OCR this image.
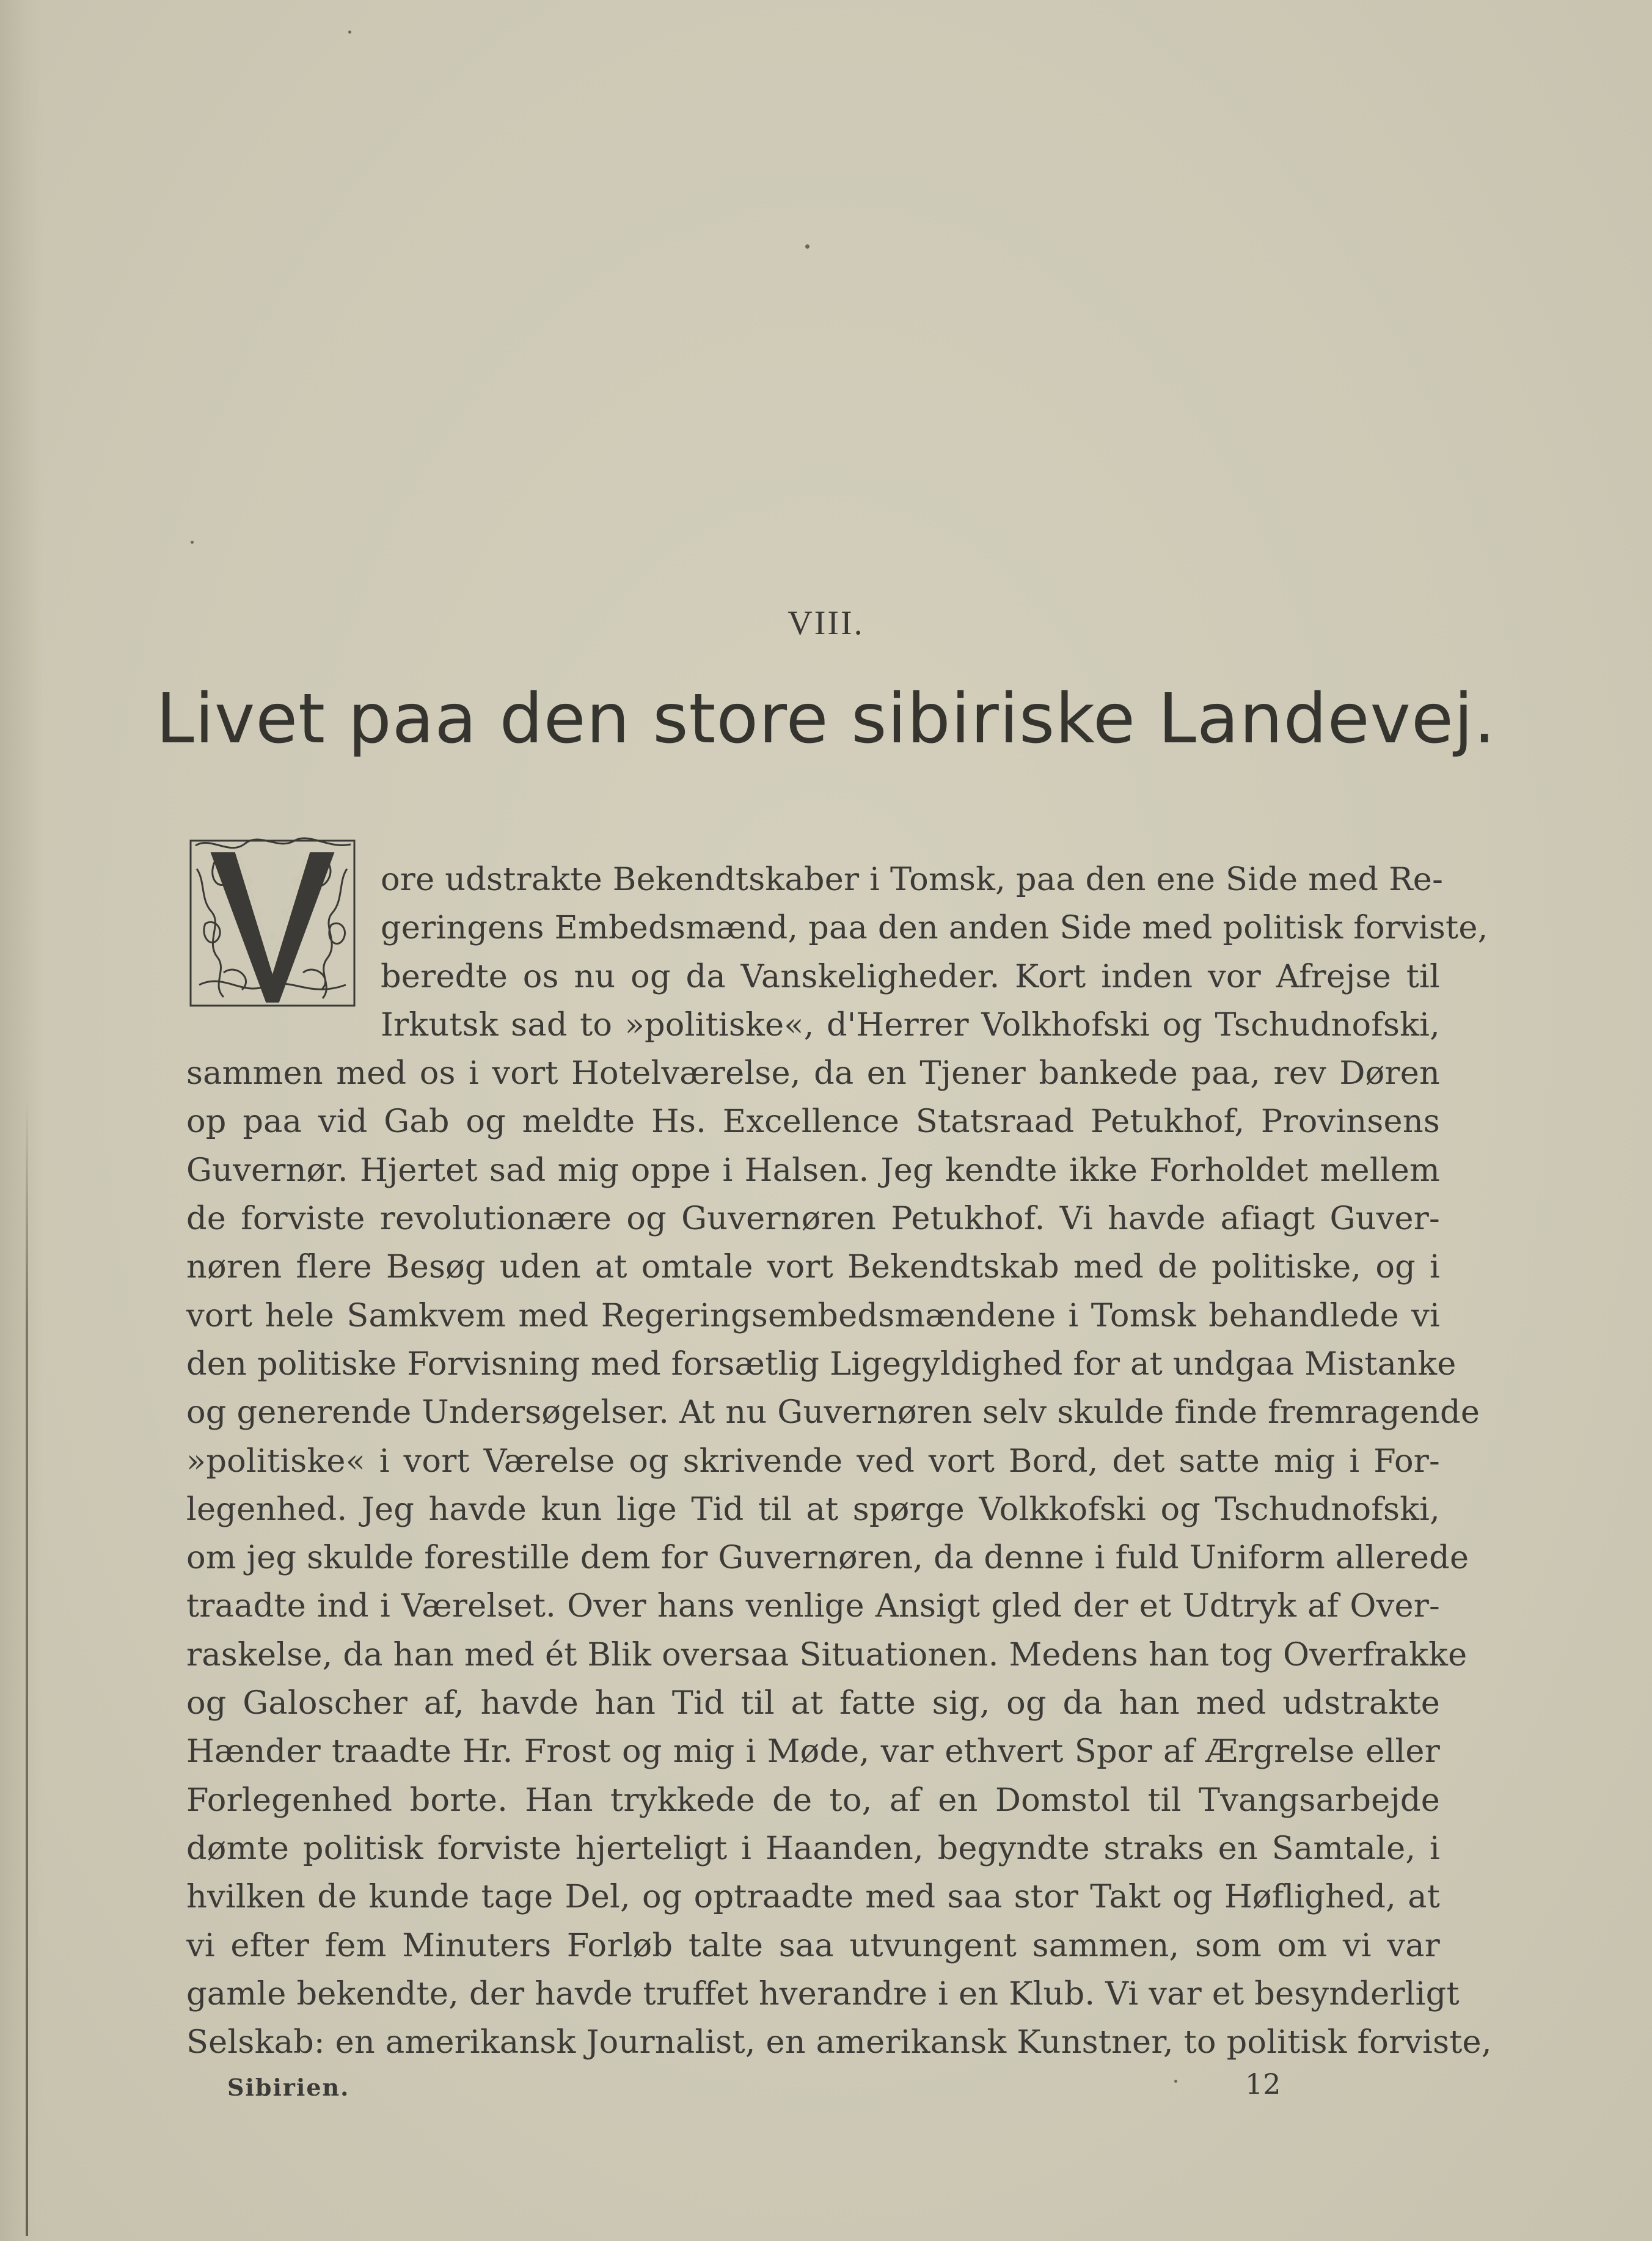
VIII.
Livet paa den store sibiriske Landevej.
ore udstrakte Bekendtskaber i Tomsk, paa den ene Side med Re-
geringens Embedsmænd, paa den anden Side med politisk forviste,
beredte os nu og da Vanskeligheder. Kort inden vor Afrejse til
Irkutsk sad to »politiske«, d'Herrer Volkhofski og Tschudnofski,
sammen med os i vort Hotelværelse, da en Tjener bankede paa, rev Døren
op paa vid Gab og meldte Hs. Excellence Statsraad Petukhof, Provinsens
Guvernør. Hjertet sad mig oppe i Halsen. Jeg kendte ikke Forholdet mellem
de forviste revolutionære og Guvernøren Petukhof. Vi havde afiagt Guver-
nøren flere Besøg uden at omtale vort Bekendtskab med de politiske, og i
vort hele Samkvem med Regeringsembedsmændene i Tomsk behandlede vi
den politiske Forvisning med forsætlig Ligegyldighed for at undgaa Mistanke
og generende Undersøgelser. At nu Guvernøren selv skulde finde fremragende
»politiske« i vort Værelse og skrivende ved vort Bord, det satte mig i For-
legenhed. Jeg havde kun lige Tid til at spørge Volkkofski og Tschudnofski,
om jeg skulde forestille dem for Guvernøren, da denne i fuld Uniform allerede
traadte ind i Værelset. Over hans venlige Ansigt gled der et Udtryk af Over-
raskelse, da han med ét Blik oversaa Situationen. Medens han tog Overfrakke
og Galoscher af, havde han Tid til at fatte sig, og da han med udstrakte
Hænder traadte Hr. Frost og mig i Møde, var ethvert Spor af Ærgrelse eller
Forlegenhed borte. Han trykkede de to, af en Domstol til Tvangsarbejde
dømte politisk forviste hjerteligt i Haanden, begyndte straks en Samtale, i
hvilken de kunde tage Del, og optraadte med saa stor Takt og Høflighed, at
vi efter fem Minuters Forløb talte saa utvungent sammen, som om vi var
gamle bekendte, der havde truffet hverandre i en Klub. Vi var et besynderligt
Selskab: en amerikansk Journalist, en amerikansk Kunstner, to politisk forviste,
Sibirien.	12
